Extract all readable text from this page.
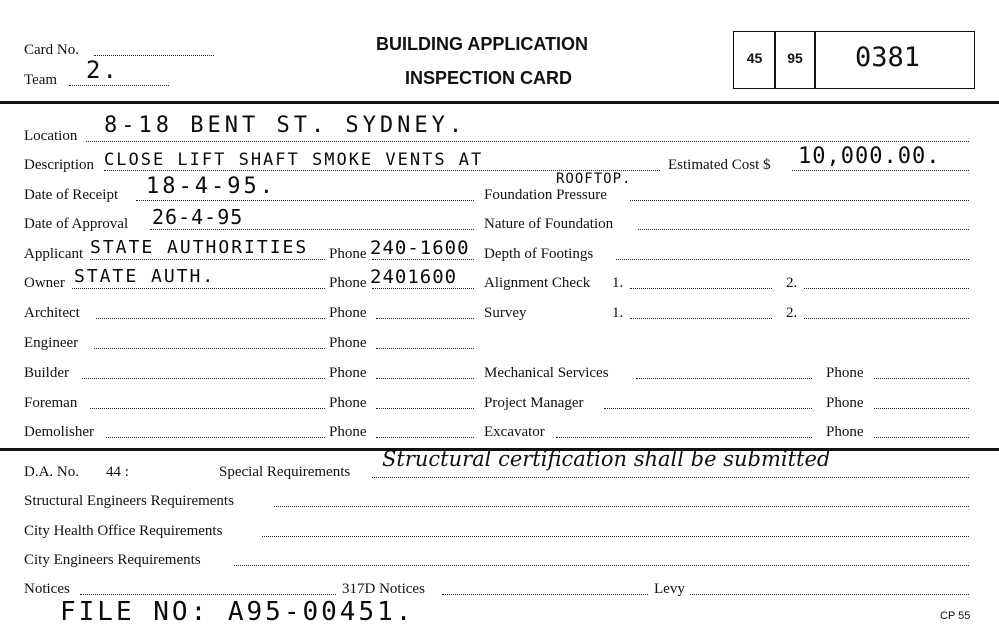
Card No.
Team 2.
BUILDING APPLICATION
INSPECTION CARD
45	95	0381
Location 8-18 BENT ST. SYDNEY.
Description CLOSE LIFT SHAFT SMOKE VENTS AT
ROOFTOP.
Date of Receipt 18-4-95.
Date of Approval 26-4-95
Applicant STATE AUTHORITIES Phone 240-1600
Owner STATE AUTH.	Phone 2401600
Architect	Phone
Engineer	Phone
Builder	Phone
Foreman	Phone
Demolisher	Phone
Estimated Cost $ 10,000.00.
Foundation Pressure
Nature of Foundation
Depth of Footings
Alignment Check 1.	2.
Survey	1.	2.
Mechanical Services	Phone
Project Manager	Phone
Excavator	Phone
D.A. No. 44 :	Special Requirements
Structural certification shall be submitted
Structural Engineers Requirements
City Health Office Requirements
City Engineers Requirements
Notices	317D Notices	Levy
FILE NO: A95-00451.	CP 55
